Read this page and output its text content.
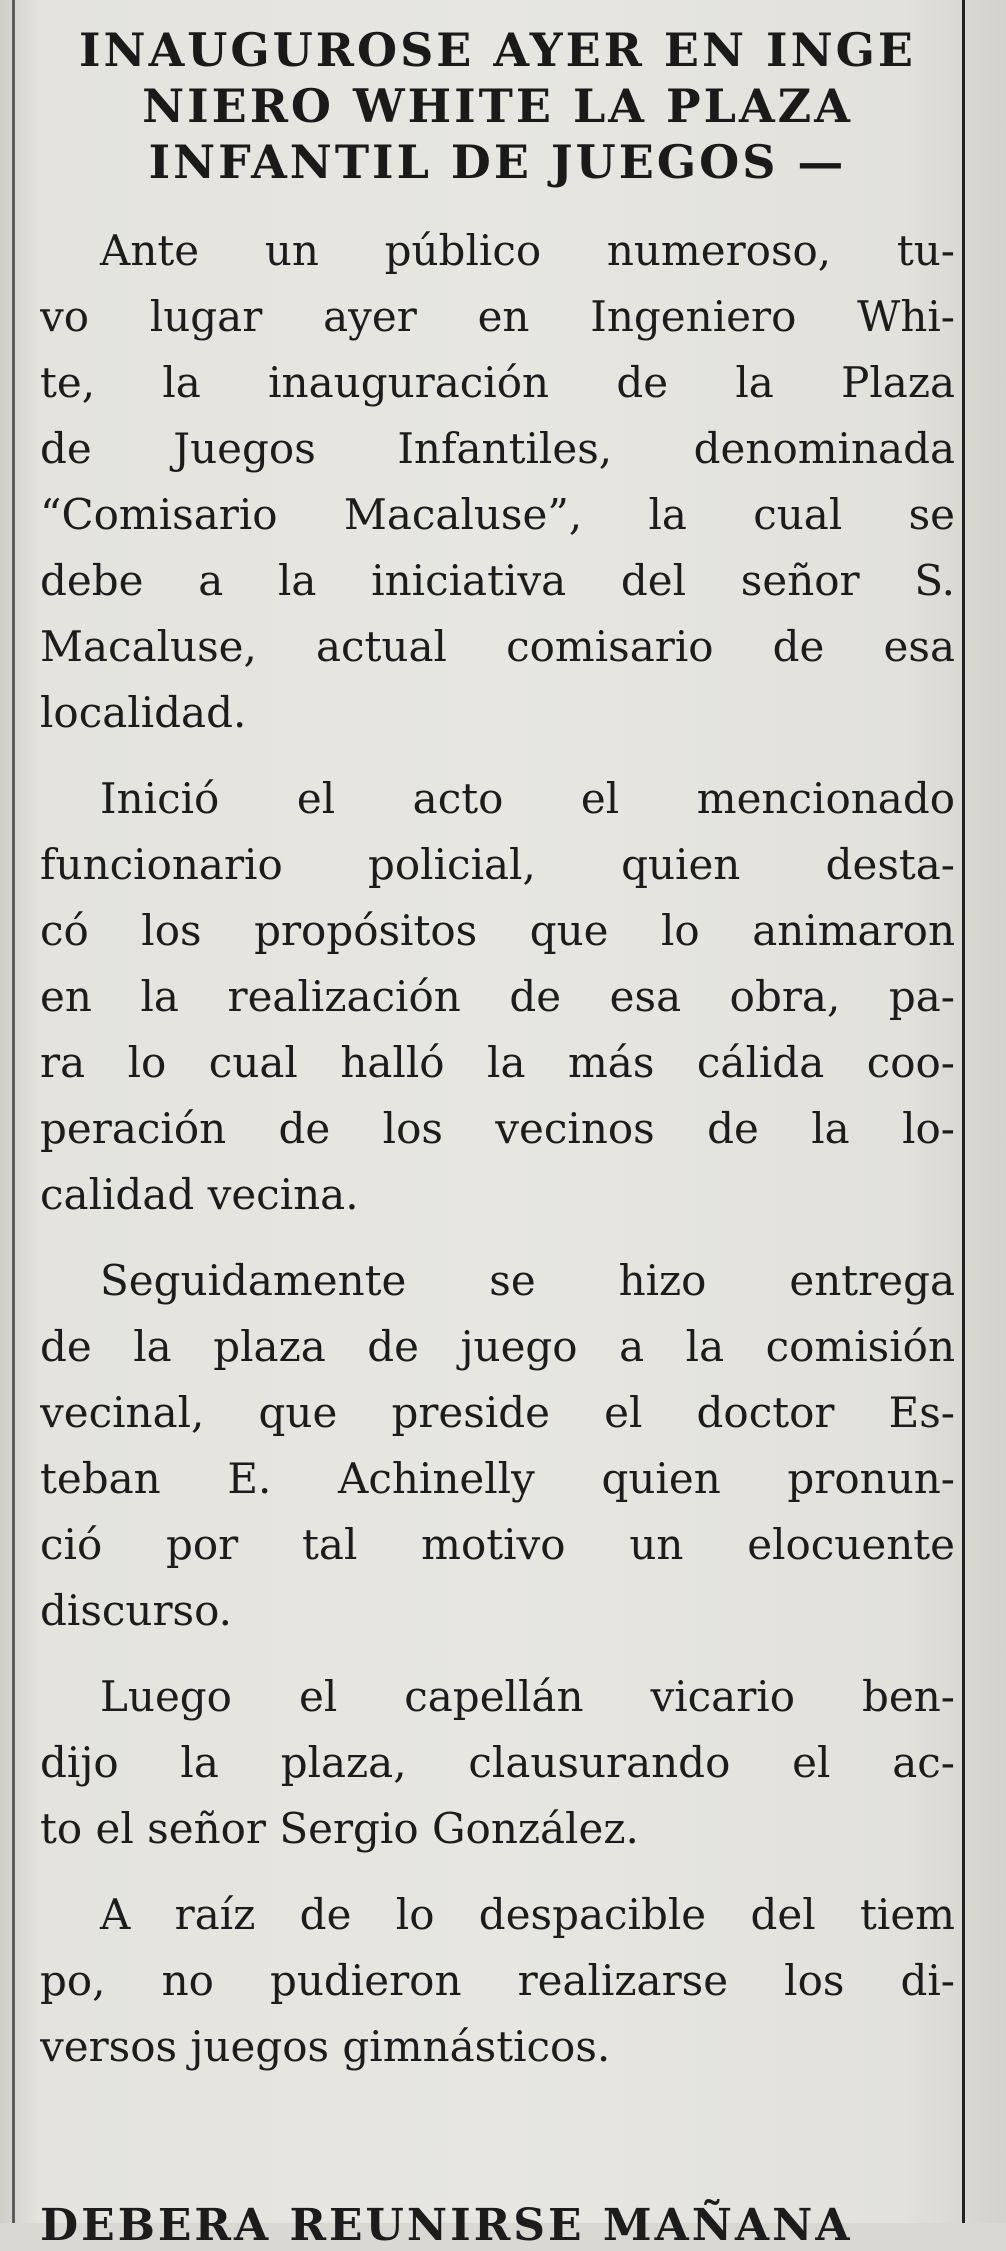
INAUGUROSE AYER EN INGE
NIERO WHITE LA PLAZA
INFANTIL DE JUEGOS —
Ante un público numeroso, tu-
vo lugar ayer en Ingeniero Whi-
te, la inauguración de la Plaza
de Juegos Infantiles, denominada
“Comisario Macaluse”, la cual se
debe a la iniciativa del señor S.
Macaluse, actual comisario de esa
localidad.
Inició el acto el mencionado
funcionario policial, quien desta-
có los propósitos que lo animaron
en la realización de esa obra, pa-
ra lo cual halló la más cálida coo-
peración de los vecinos de la lo-
calidad vecina.
Seguidamente se hizo entrega
de la plaza de juego a la comisión
vecinal, que preside el doctor Es-
teban E. Achinelly quien pronun-
ció por tal motivo un elocuente
discurso.
Luego el capellán vicario ben-
dijo la plaza, clausurando el ac-
to el señor Sergio González.
A raíz de lo despacible del tiem
po, no pudieron realizarse los di-
versos juegos gimnásticos.
DEBERA REUNIRSE MAÑANA
